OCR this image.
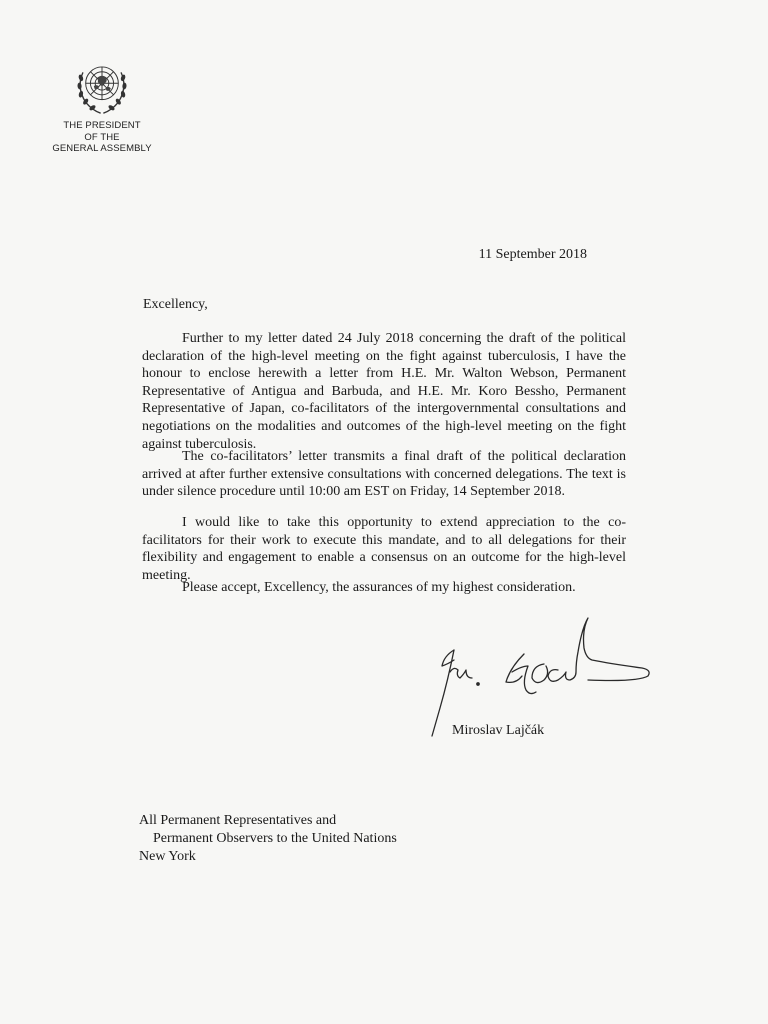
THE PRESIDENT
OF THE
GENERAL ASSEMBLY
11 September 2018
Excellency,

Further to my letter dated 24 July 2018 concerning the draft of the political declaration of the high-level meeting on the fight against tuberculosis, I have the honour to enclose herewith a letter from H.E. Mr. Walton Webson, Permanent Representative of Antigua and Barbuda, and H.E. Mr. Koro Bessho, Permanent Representative of Japan, co-facilitators of the intergovernmental consultations and negotiations on the modalities and outcomes of the high-level meeting on the fight against tuberculosis.

The co-facilitators’ letter transmits a final draft of the political declaration arrived at after further extensive consultations with concerned delegations. The text is under silence procedure until 10:00 am EST on Friday, 14 September 2018.

I would like to take this opportunity to extend appreciation to the co-facilitators for their work to execute this mandate, and to all delegations for their flexibility and engagement to enable a consensus on an outcome for the high-level meeting.

Please accept, Excellency, the assurances of my highest consideration.

Miroslav Lajčák
All Permanent Representatives and
Permanent Observers to the United Nations
New York
